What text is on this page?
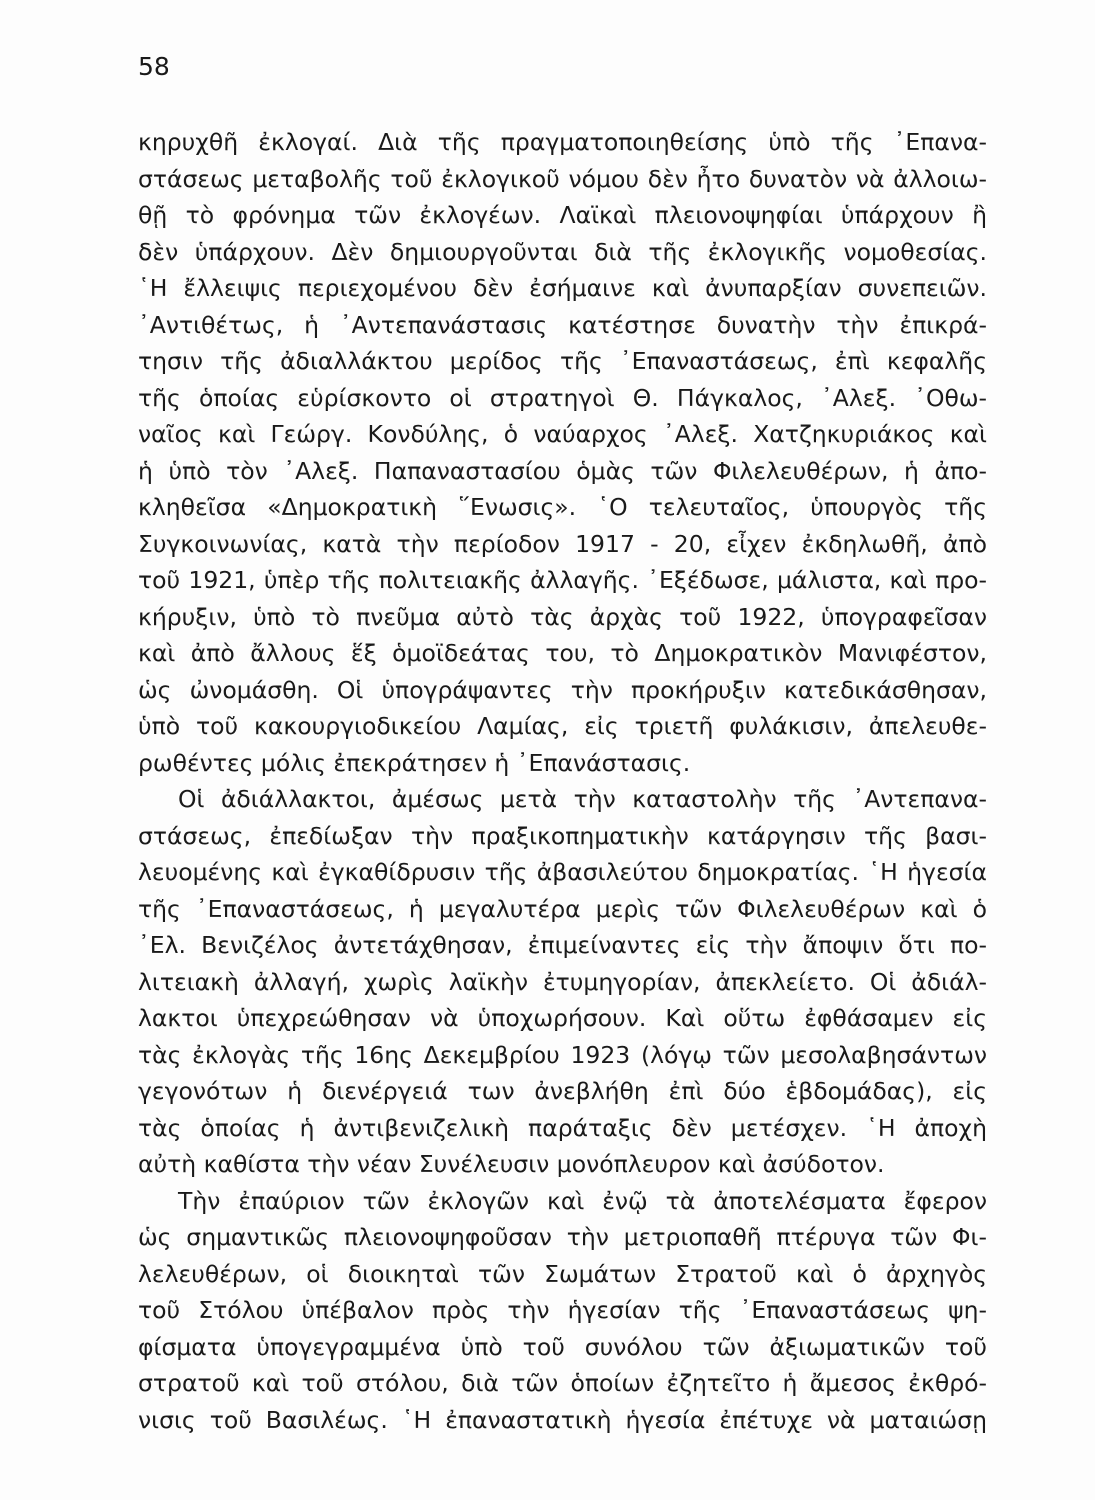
58
κηρυχθῆ ἐκλογαί. Διὰ τῆς πραγματοποιηθείσης ὑπὸ τῆς ᾿Επανα-
στάσεως μεταβολῆς τοῦ ἐκλογικοῦ νόμου δὲν ἦτο δυνατὸν νὰ ἀλλοιω-
θῇ τὸ φρόνημα τῶν ἐκλογέων. Λαϊκαὶ πλειονοψηφίαι ὑπάρχουν ἢ
δὲν ὑπάρχουν. Δὲν δημιουργοῦνται διὰ τῆς ἐκλογικῆς νομοθεσίας.
῾Η ἔλλειψις περιεχομένου δὲν ἐσήμαινε καὶ ἀνυπαρξίαν συνεπειῶν.
᾿Αντιθέτως, ἡ ᾿Αντεπανάστασις κατέστησε δυνατὴν τὴν ἐπικρά-
τησιν τῆς ἀδιαλλάκτου μερίδος τῆς ᾿Επαναστάσεως, ἐπὶ κεφαλῆς
τῆς ὁποίας εὑρίσκοντο οἱ στρατηγοὶ Θ. Πάγκαλος, ᾿Αλεξ. ᾿Οθω-
ναῖος καὶ Γεώργ. Κονδύλης, ὁ ναύαρχος ᾿Αλεξ. Χατζηκυριάκος καὶ
ἡ ὑπὸ τὸν ᾿Αλεξ. Παπαναστασίου ὁμὰς τῶν Φιλελευθέρων, ἡ ἀπο-
κληθεῖσα «Δημοκρατικὴ ῞Ενωσις». ῾Ο τελευταῖος, ὑπουργὸς τῆς
Συγκοινωνίας, κατὰ τὴν περίοδον 1917 - 20, εἶχεν ἐκδηλωθῆ, ἀπὸ
τοῦ 1921, ὑπὲρ τῆς πολιτειακῆς ἀλλαγῆς. ᾿Εξέδωσε, μάλιστα, καὶ προ-
κήρυξιν, ὑπὸ τὸ πνεῦμα αὐτὸ τὰς ἀρχὰς τοῦ 1922, ὑπογραφεῖσαν
καὶ ἀπὸ ἄλλους ἕξ ὁμοϊδεάτας του, τὸ Δημοκρατικὸν Μανιφέστον,
ὡς ὠνομάσθη. Οἱ ὑπογράψαντες τὴν προκήρυξιν κατεδικάσθησαν,
ὑπὸ τοῦ κακουργιοδικείου Λαμίας, εἰς τριετῆ φυλάκισιν, ἀπελευθε-
ρωθέντες μόλις ἐπεκράτησεν ἡ ᾿Επανάστασις.
Οἱ ἀδιάλλακτοι, ἀμέσως μετὰ τὴν καταστολὴν τῆς ᾿Αντεπανα-
στάσεως, ἐπεδίωξαν τὴν πραξικοπηματικὴν κατάργησιν τῆς βασι-
λευομένης καὶ ἐγκαθίδρυσιν τῆς ἀβασιλεύτου δημοκρατίας. ῾Η ἡγεσία
τῆς ᾿Επαναστάσεως, ἡ μεγαλυτέρα μερὶς τῶν Φιλελευθέρων καὶ ὁ
᾿Ελ. Βενιζέλος ἀντετάχθησαν, ἐπιμείναντες εἰς τὴν ἄποψιν ὅτι πο-
λιτειακὴ ἀλλαγή, χωρὶς λαϊκὴν ἐτυμηγορίαν, ἀπεκλείετο. Οἱ ἀδιάλ-
λακτοι ὑπεχρεώθησαν νὰ ὑποχωρήσουν. Καὶ οὕτω ἐφθάσαμεν εἰς
τὰς ἐκλογὰς τῆς 16ης Δεκεμβρίου 1923 (λόγῳ τῶν μεσολαβησάντων
γεγονότων ἡ διενέργειά των ἀνεβλήθη ἐπὶ δύο ἑβδομάδας), εἰς
τὰς ὁποίας ἡ ἀντιβενιζελικὴ παράταξις δὲν μετέσχεν. ῾Η ἀποχὴ
αὐτὴ καθίστα τὴν νέαν Συνέλευσιν μονόπλευρον καὶ ἀσύδοτον.
Τὴν ἐπαύριον τῶν ἐκλογῶν καὶ ἐνῷ τὰ ἀποτελέσματα ἔφερον
ὡς σημαντικῶς πλειονοψηφοῦσαν τὴν μετριοπαθῆ πτέρυγα τῶν Φι-
λελευθέρων, οἱ διοικηταὶ τῶν Σωμάτων Στρατοῦ καὶ ὁ ἀρχηγὸς
τοῦ Στόλου ὑπέβαλον πρὸς τὴν ἡγεσίαν τῆς ᾿Επαναστάσεως ψη-
φίσματα ὑπογεγραμμένα ὑπὸ τοῦ συνόλου τῶν ἀξιωματικῶν τοῦ
στρατοῦ καὶ τοῦ στόλου, διὰ τῶν ὁποίων ἐζητεῖτο ἡ ἄμεσος ἐκθρό-
νισις τοῦ Βασιλέως. ῾Η ἐπαναστατικὴ ἡγεσία ἐπέτυχε νὰ ματαιώσῃ
